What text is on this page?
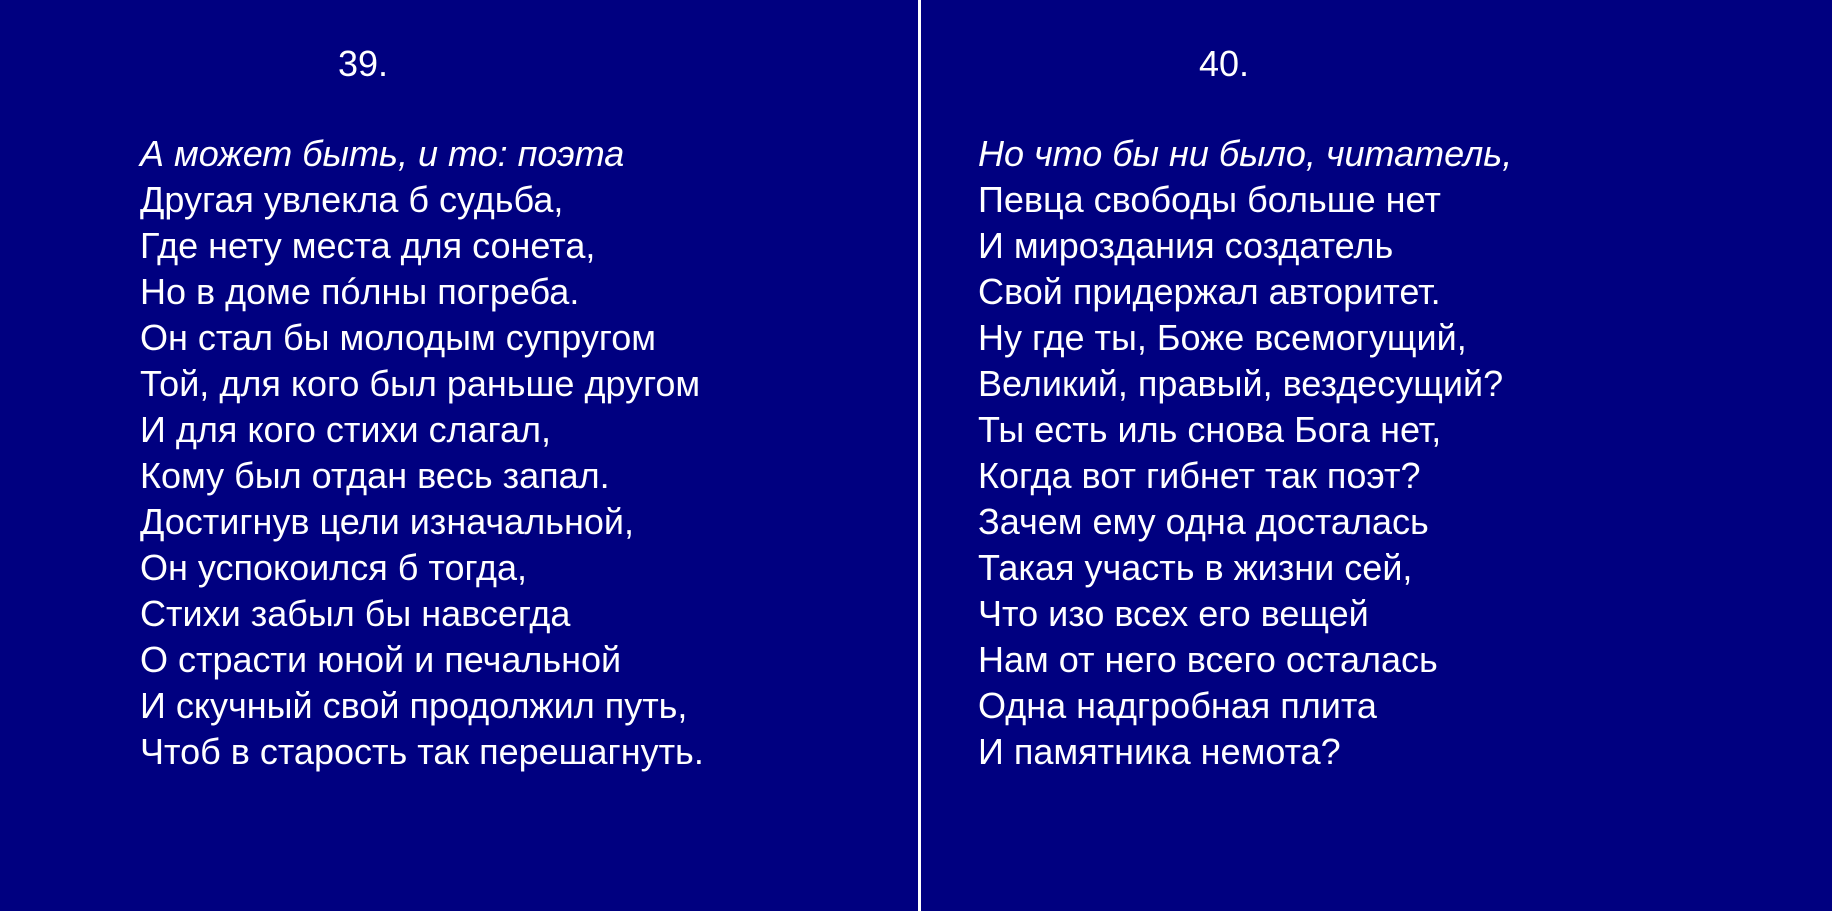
39.
А может быть, и то: поэта
Другая увлекла б судьба,
Где нету места для сонета,
Но в доме пóлны погреба.
Он стал бы молодым супругом
Той, для кого был раньше другом
И для кого стихи слагал,
Кому был отдан весь запал.
Достигнув цели изначальной,
Он успокоился б тогда,
Стихи забыл бы навсегда
О страсти юной и печальной
И скучный свой продолжил путь,
Чтоб в старость так перешагнуть.
40.
Но что бы ни было, читатель,
Певца свободы больше нет
И мироздания создатель
Свой придержал авторитет.
Ну где ты, Боже всемогущий,
Великий, правый, вездесущий?
Ты есть иль снова Бога нет,
Когда вот гибнет так поэт?
Зачем ему одна досталась
Такая участь в жизни сей,
Что изо всех его вещей
Нам от него всего осталась
Одна надгробная плита
И памятника немота?
